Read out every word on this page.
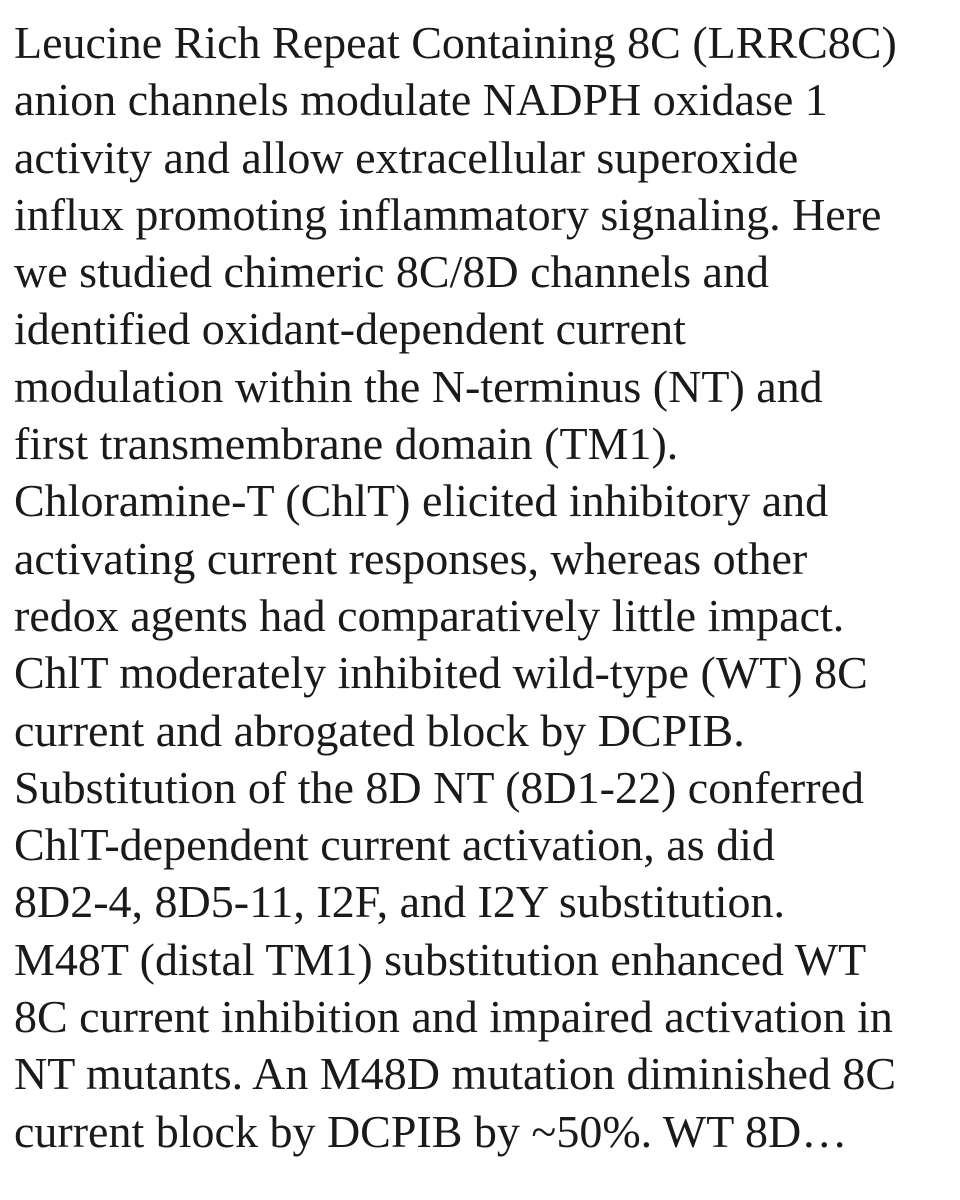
Leucine Rich Repeat Containing 8C (LRRC8C)
anion channels modulate NADPH oxidase 1
activity and allow extracellular superoxide
influx promoting inflammatory signaling. Here
we studied chimeric 8C/8D channels and
identified oxidant-dependent current
modulation within the N-terminus (NT) and
first transmembrane domain (TM1).
Chloramine-T (ChlT) elicited inhibitory and
activating current responses, whereas other
redox agents had comparatively little impact.
ChlT moderately inhibited wild-type (WT) 8C
current and abrogated block by DCPIB.
Substitution of the 8D NT (8D1-22) conferred
ChlT-dependent current activation, as did
8D2-4, 8D5-11, I2F, and I2Y substitution.
M48T (distal TM1) substitution enhanced WT
8C current inhibition and impaired activation in
NT mutants. An M48D mutation diminished 8C
current block by DCPIB by ~50%. WT 8D…
